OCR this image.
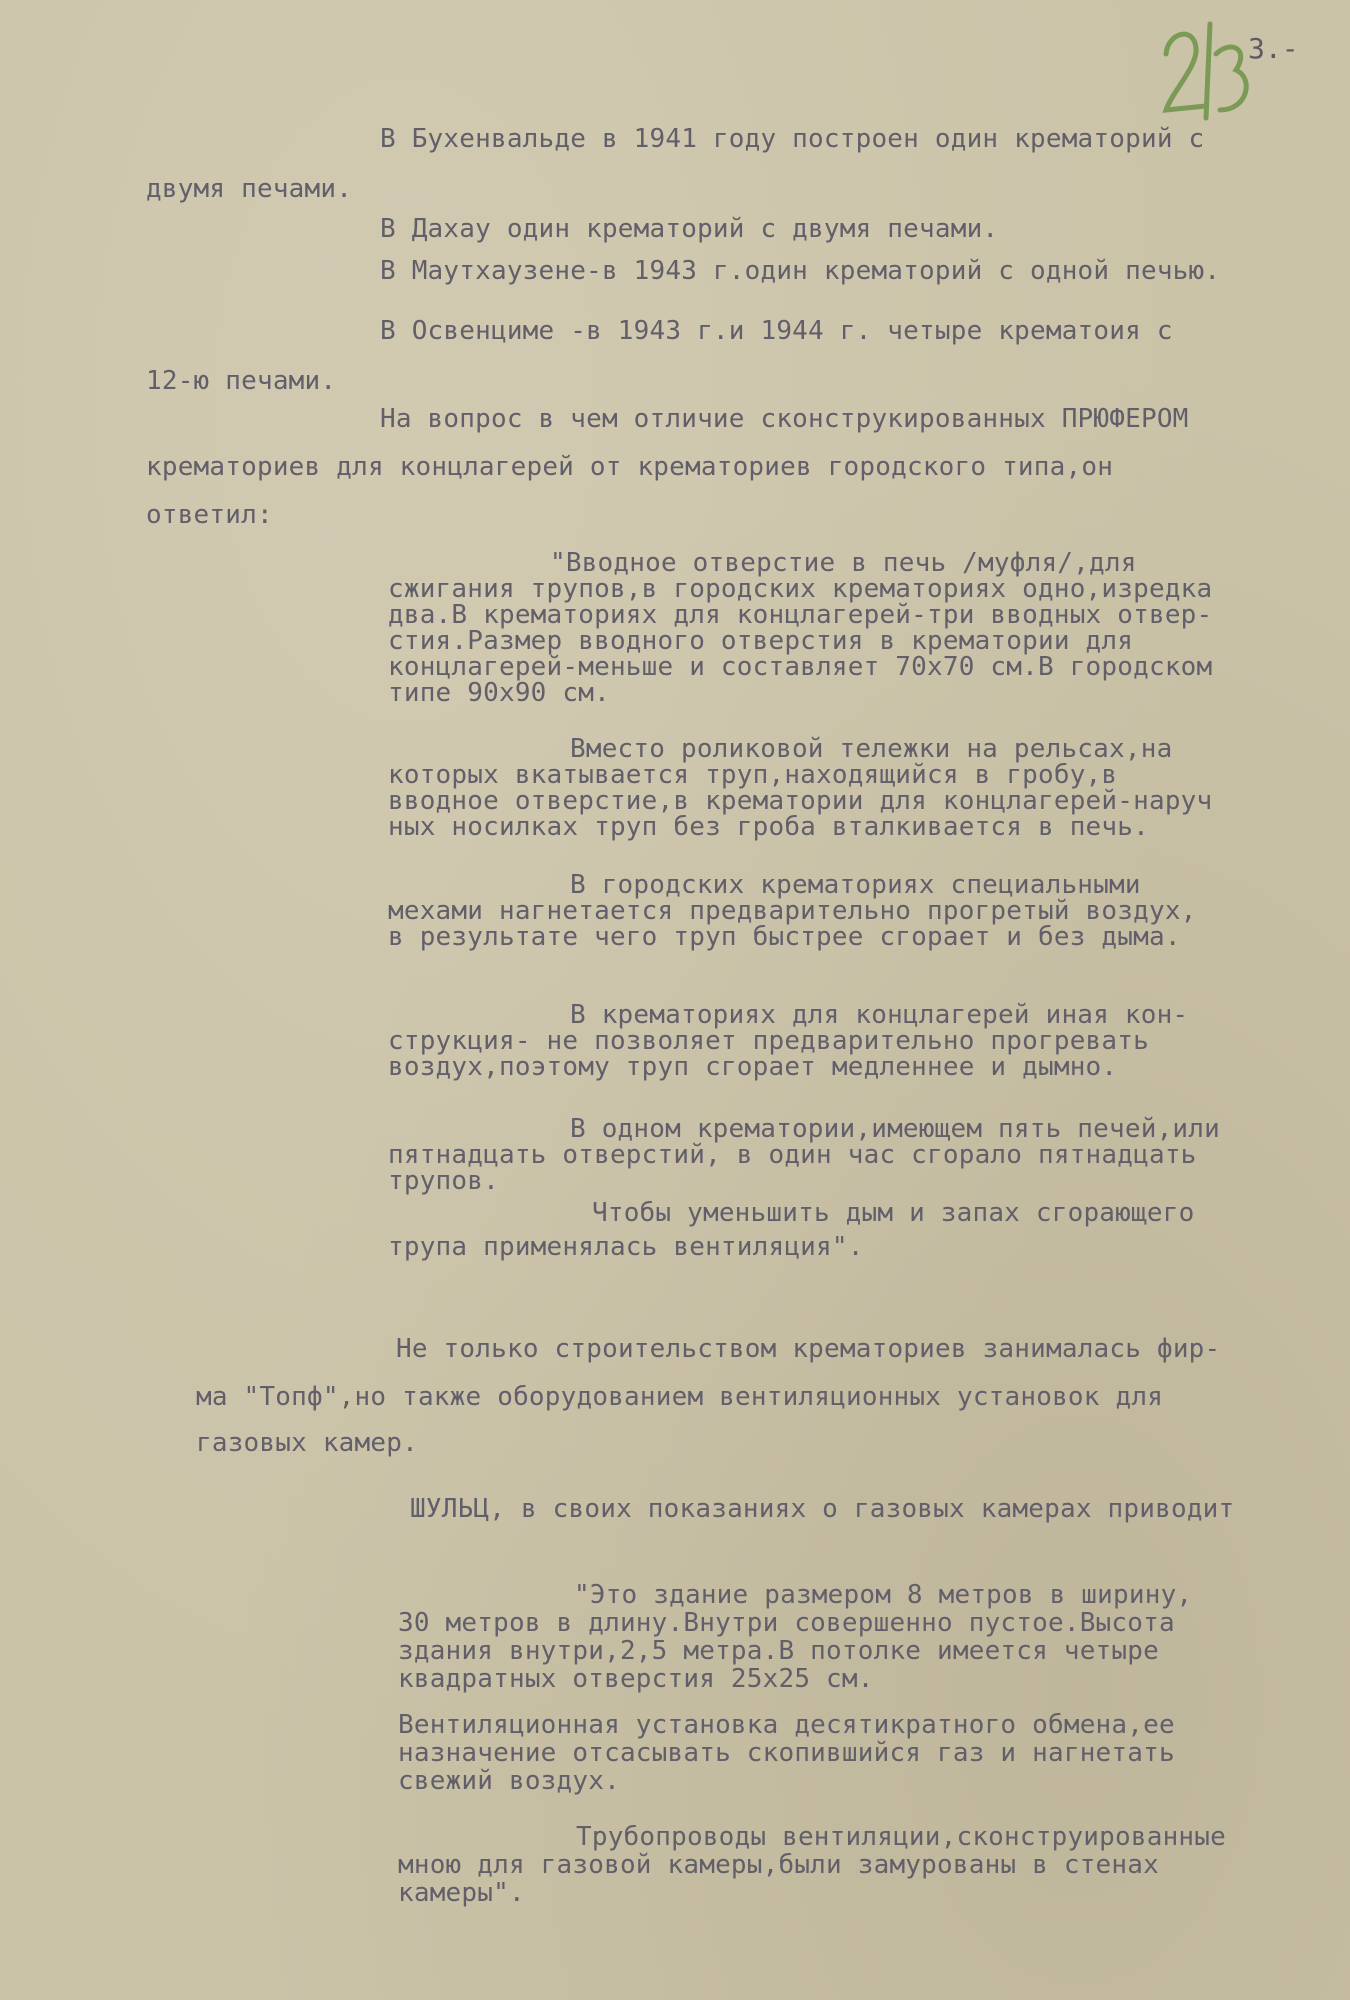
3.-
В Бухенвальде в 1941 году построен один крематорий с
двумя печами.
В Дахау один крематорий с двумя печами.
В Маутхаузене-в 1943 г.один крематорий с одной печью.
В Освенциме -в 1943 г.и 1944 г. четыре крематоия с
12-ю печами.
На вопрос в чем отличие сконструкированных ПРЮФЕРОМ
крематориев для концлагерей от крематориев городского типа,он
ответил:
"Вводное отверстие в печь /муфля/,для
сжигания трупов,в городских крематориях одно,изредка
два.В крематориях для концлагерей-три вводных отвер-
стия.Размер вводного отверстия в крематории для
концлагерей-меньше и составляет 70х70 см.В городском
типе 90х90 см.
Вместо роликовой тележки на рельсах,на
которых вкатывается труп,находящийся в гробу,в
вводное отверстие,в крематории для концлагерей-наруч
ных носилках труп без гроба вталкивается в печь.
В городских крематориях специальными
мехами нагнетается предварительно прогретый воздух,
в результате чего труп быстрее сгорает и без дыма.
В крематориях для концлагерей иная кон-
струкция- не позволяет предварительно прогревать
воздух,поэтому труп сгорает медленнее и дымно.
В одном крематории,имеющем пять печей,или
пятнадцать отверстий, в один час сгорало пятнадцать
трупов.
Чтобы уменьшить дым и запах сгорающего
трупа применялась вентиляция".
Не только строительством крематориев занималась фир-
ма "Топф",но также оборудованием вентиляционных установок для
газовых камер.
ШУЛЬЦ, в своих показаниях о газовых камерах приводит
"Это здание размером 8 метров в ширину,
30 метров в длину.Внутри совершенно пустое.Высота
здания внутри,2,5 метра.В потолке имеется четыре
квадратных отверстия 25х25 см.
Вентиляционная установка десятикратного обмена,ее
назначение отсасывать скопившийся газ и нагнетать
свежий воздух.
Трубопроводы вентиляции,сконструированные
мною для газовой камеры,были замурованы в стенах
камеры".
